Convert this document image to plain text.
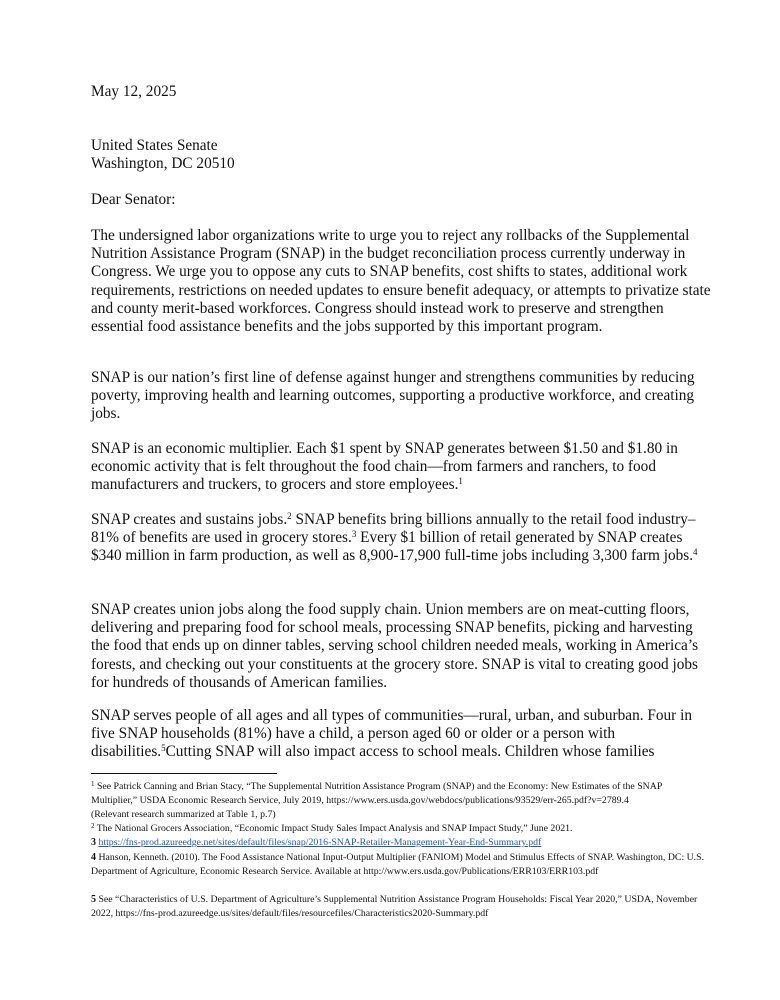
May 12, 2025

United States Senate
Washington, DC 20510

Dear Senator:

The undersigned labor organizations write to urge you to reject any rollbacks of the Supplemental Nutrition Assistance Program (SNAP) in the budget reconciliation process currently underway in Congress. We urge you to oppose any cuts to SNAP benefits, cost shifts to states, additional work requirements, restrictions on needed updates to ensure benefit adequacy, or attempts to privatize state and county merit-based workforces. Congress should instead work to preserve and strengthen essential food assistance benefits and the jobs supported by this important program.

SNAP is our nation’s first line of defense against hunger and strengthens communities by reducing poverty, improving health and learning outcomes, supporting a productive workforce, and creating jobs.

SNAP is an economic multiplier. Each $1 spent by SNAP generates between $1.50 and $1.80 in economic activity that is felt throughout the food chain—from farmers and ranchers, to food manufacturers and truckers, to grocers and store employees.$^1$

SNAP creates and sustains jobs.$^2$ SNAP benefits bring billions annually to the retail food industry–81% of benefits are used in grocery stores.$^3$ Every $1 billion of retail generated by SNAP creates $340 million in farm production, as well as 8,900-17,900 full-time jobs including 3,300 farm jobs.$^4$

SNAP creates union jobs along the food supply chain. Union members are on meat-cutting floors, delivering and preparing food for school meals, processing SNAP benefits, picking and harvesting the food that ends up on dinner tables, serving school children needed meals, working in America’s forests, and checking out your constituents at the grocery store. SNAP is vital to creating good jobs for hundreds of thousands of American families.

SNAP serves people of all ages and all types of communities—rural, urban, and suburban. Four in five SNAP households (81%) have a child, a person aged 60 or older or a person with disabilities.$^5$Cutting SNAP will also impact access to school meals. Children whose families

$^1$ See Patrick Canning and Brian Stacy, “The Supplemental Nutrition Assistance Program (SNAP) and the Economy: New Estimates of the SNAP Multiplier,” USDA Economic Research Service, July 2019, https://www.ers.usda.gov/webdocs/publications/93529/err-265.pdf?v=2789.4
(Relevant research summarized at Table 1, p.7)

$^2$ The National Grocers Association, “Economic Impact Study Sales Impact Analysis and SNAP Impact Study,” June 2021.

3 https://fns-prod.azureedge.net/sites/default/files/snap/2016-SNAP-Retailer-Management-Year-End-Summary.pdf

4 Hanson, Kenneth. (2010). The Food Assistance National Input-Output Multiplier (FANIOM) Model and Stimulus Effects of SNAP. Washington, DC: U.S. Department of Agriculture, Economic Research Service. Available at http://www.ers.usda.gov/Publications/ERR103/ERR103.pdf

5 See “Characteristics of U.S. Department of Agriculture’s Supplemental Nutrition Assistance Program Households: Fiscal Year 2020,” USDA, November 2022, https://fns-prod.azureedge.us/sites/default/files/resourcefiles/Characteristics2020-Summary.pdf
